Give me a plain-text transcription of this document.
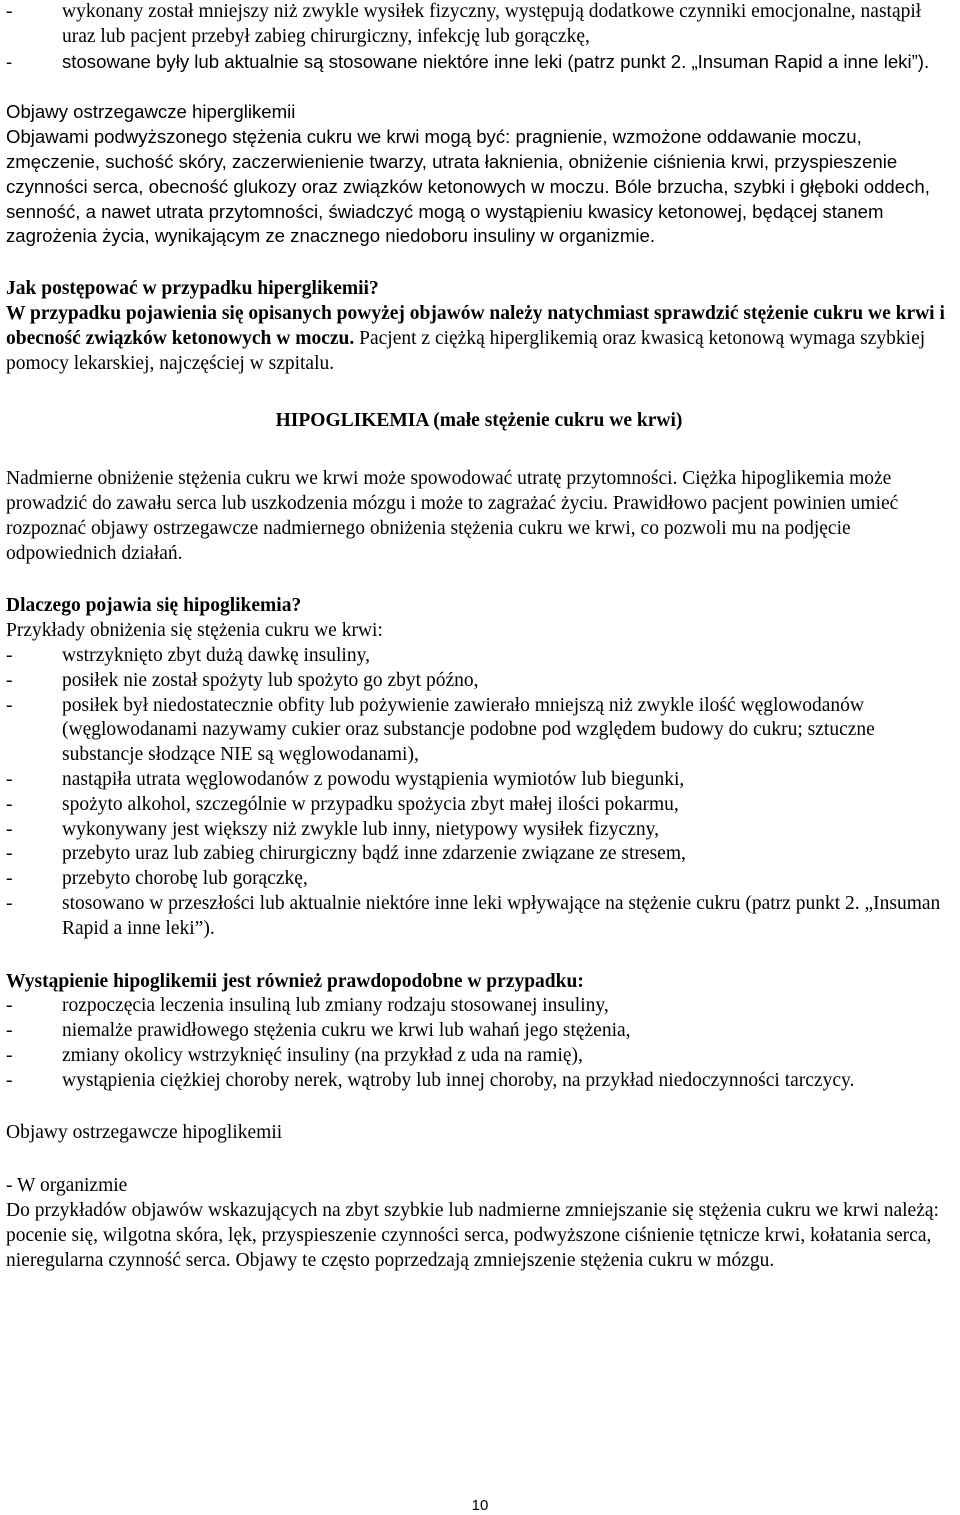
-	wykonany został mniejszy niż zwykle wysiłek fizyczny, występują dodatkowe czynniki emocjonalne, nastąpił uraz lub pacjent przebył zabieg chirurgiczny, infekcję lub gorączkę,
-	stosowane były lub aktualnie są stosowane niektóre inne leki (patrz punkt 2. „Insuman Rapid a inne leki”).

Objawy ostrzegawcze hiperglikemii

Objawami podwyższonego stężenia cukru we krwi mogą być: pragnienie, wzmożone oddawanie moczu, zmęczenie, suchość skóry, zaczerwienienie twarzy, utrata łaknienia, obniżenie ciśnienia krwi, przyspieszenie czynności serca, obecność glukozy oraz związków ketonowych w moczu. Bóle brzucha, szybki i głęboki oddech, senność, a nawet utrata przytomności, świadczyć mogą o wystąpieniu kwasicy ketonowej, będącej stanem zagrożenia życia, wynikającym ze znacznego niedoboru insuliny w organizmie.

Jak postępować w przypadku hiperglikemii?

W przypadku pojawienia się opisanych powyżej objawów należy natychmiast sprawdzić stężenie cukru we krwi i obecność związków ketonowych w moczu. Pacjent z ciężką hiperglikemią oraz kwasicą ketonową wymaga szybkiej pomocy lekarskiej, najczęściej w szpitalu.

HIPOGLIKEMIA (małe stężenie cukru we krwi)

Nadmierne obniżenie stężenia cukru we krwi może spowodować utratę przytomności. Ciężka hipoglikemia może prowadzić do zawału serca lub uszkodzenia mózgu i może to zagrażać życiu. Prawidłowo pacjent powinien umieć rozpoznać objawy ostrzegawcze nadmiernego obniżenia stężenia cukru we krwi, co pozwoli mu na podjęcie odpowiednich działań.

Dlaczego pojawia się hipoglikemia?

Przykłady obniżenia się stężenia cukru we krwi:

-	wstrzyknięto zbyt dużą dawkę insuliny,
-	posiłek nie został spożyty lub spożyto go zbyt późno,
-	posiłek był niedostatecznie obfity lub pożywienie zawierało mniejszą niż zwykle ilość węglowodanów (węglowodanami nazywamy cukier oraz substancje podobne pod względem budowy do cukru; sztuczne substancje słodzące NIE są węglowodanami),
-	nastąpiła utrata węglowodanów z powodu wystąpienia wymiotów lub biegunki,
-	spożyto alkohol, szczególnie w przypadku spożycia zbyt małej ilości pokarmu,
-	wykonywany jest większy niż zwykle lub inny, nietypowy wysiłek fizyczny,
-	przebyto uraz lub zabieg chirurgiczny bądź inne zdarzenie związane ze stresem,
-	przebyto chorobę lub gorączkę,
-	stosowano w przeszłości lub aktualnie niektóre inne leki wpływające na stężenie cukru (patrz punkt 2. „Insuman Rapid a inne leki”).

Wystąpienie hipoglikemii jest również prawdopodobne w przypadku:

-	rozpoczęcia leczenia insuliną lub zmiany rodzaju stosowanej insuliny,
-	niemalże prawidłowego stężenia cukru we krwi lub wahań jego stężenia,
-	zmiany okolicy wstrzyknięć insuliny (na przykład z uda na ramię),
-	wystąpienia ciężkiej choroby nerek, wątroby lub innej choroby, na przykład niedoczynności tarczycy.

Objawy ostrzegawcze hipoglikemii

- W organizmie

Do przykładów objawów wskazujących na zbyt szybkie lub nadmierne zmniejszanie się stężenia cukru we krwi należą: pocenie się, wilgotna skóra, lęk, przyspieszenie czynności serca, podwyższone ciśnienie tętnicze krwi, kołatania serca, nieregularna czynność serca. Objawy te często poprzedzają zmniejszenie stężenia cukru w mózgu.

10
